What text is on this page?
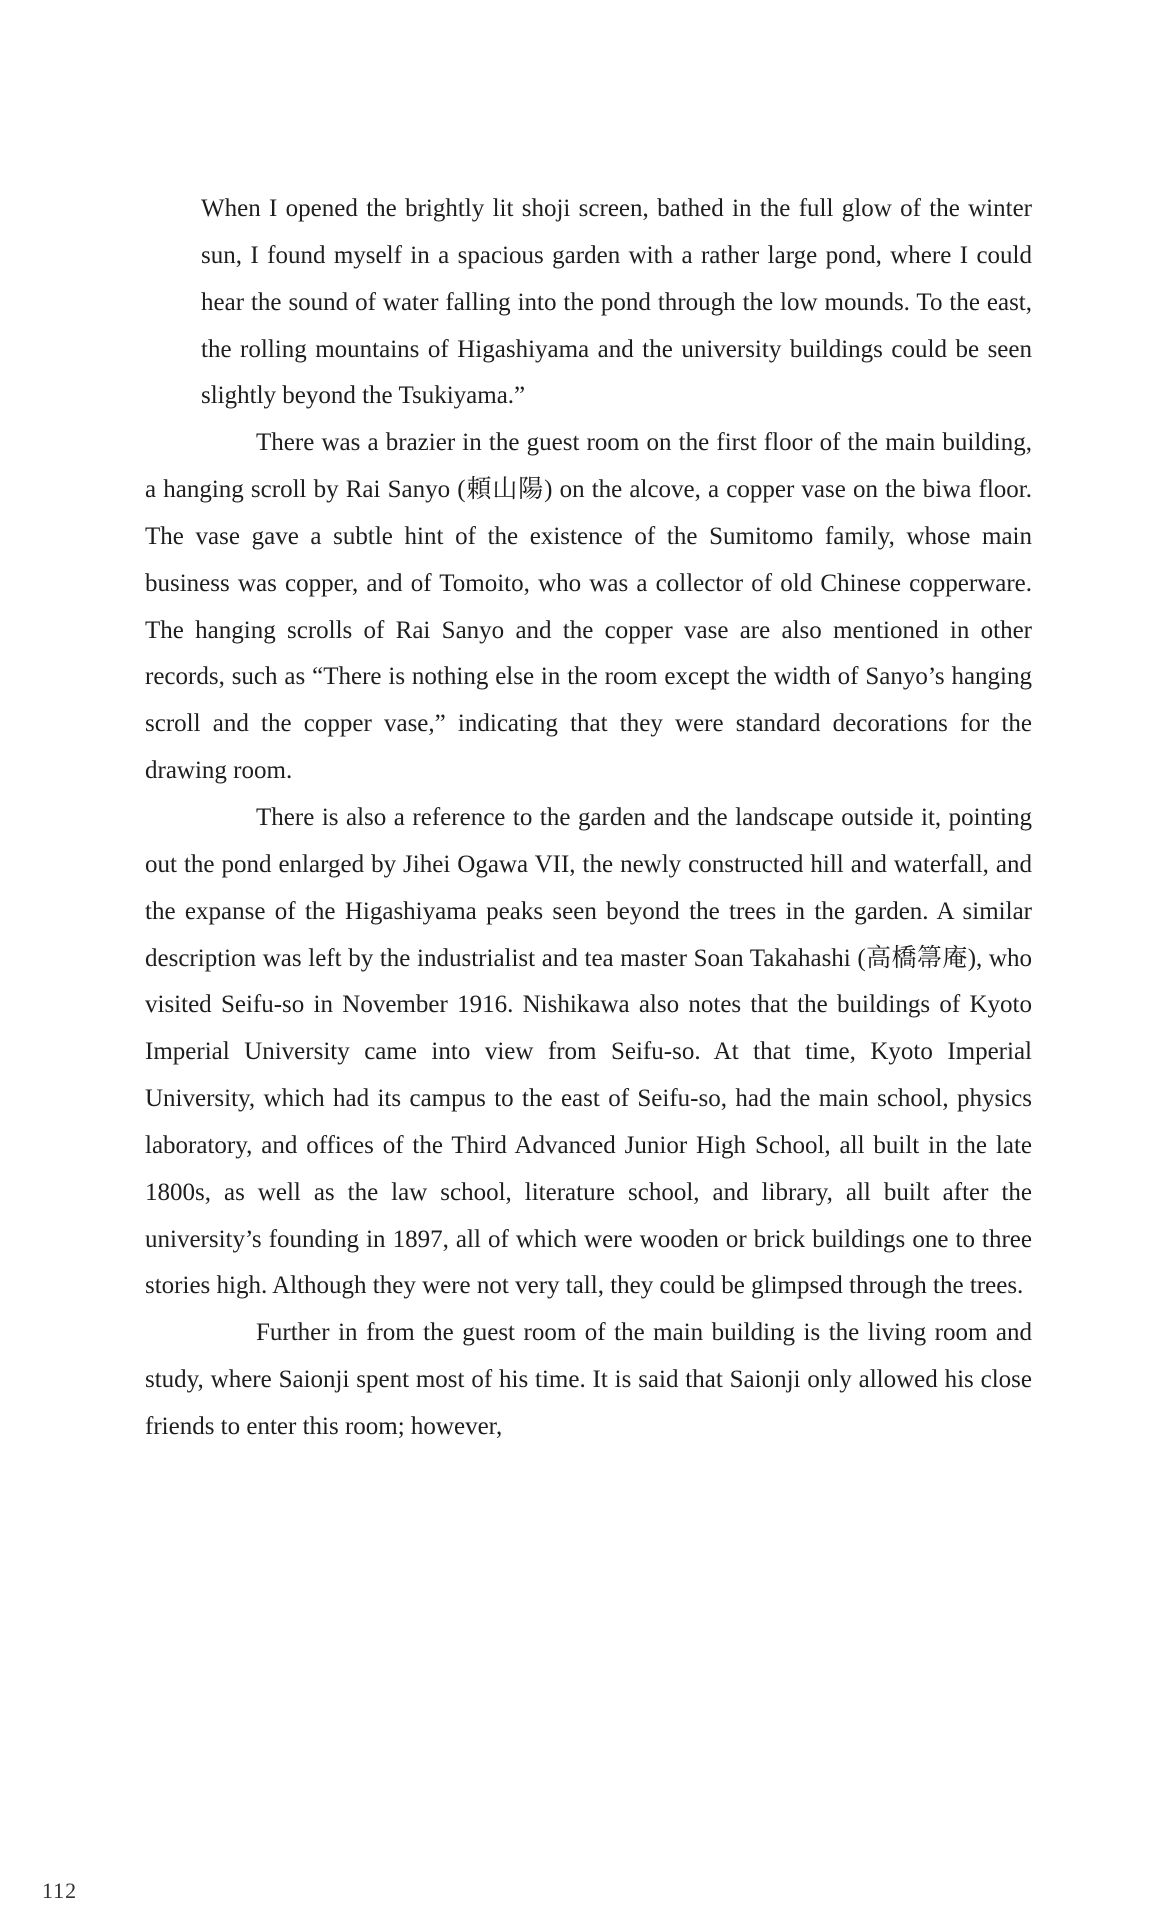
When I opened the brightly lit shoji screen, bathed in the full glow of the winter sun, I found myself in a spacious garden with a rather large pond, where I could hear the sound of water falling into the pond through the low mounds. To the east, the rolling mountains of Higashiyama and the university buildings could be seen slightly beyond the Tsukiyama.”

There was a brazier in the guest room on the first floor of the main building, a hanging scroll by Rai Sanyo (頼山陽) on the alcove, a copper vase on the biwa floor. The vase gave a subtle hint of the existence of the Sumitomo family, whose main business was copper, and of Tomoito, who was a collector of old Chinese copperware. The hanging scrolls of Rai Sanyo and the copper vase are also mentioned in other records, such as “There is nothing else in the room except the width of Sanyo’s hanging scroll and the copper vase,” indicating that they were standard decorations for the drawing room.

There is also a reference to the garden and the landscape outside it, pointing out the pond enlarged by Jihei Ogawa VII, the newly constructed hill and waterfall, and the expanse of the Higashiyama peaks seen beyond the trees in the garden. A similar description was left by the industrialist and tea master Soan Takahashi (高橋箒庵), who visited Seifu-so in November 1916. Nishikawa also notes that the buildings of Kyoto Imperial University came into view from Seifu-so. At that time, Kyoto Imperial University, which had its campus to the east of Seifu-so, had the main school, physics laboratory, and offices of the Third Advanced Junior High School, all built in the late 1800s, as well as the law school, literature school, and library, all built after the university’s founding in 1897, all of which were wooden or brick buildings one to three stories high. Although they were not very tall, they could be glimpsed through the trees.

Further in from the guest room of the main building is the living room and study, where Saionji spent most of his time. It is said that Saionji only allowed his close friends to enter this room; however,

112
